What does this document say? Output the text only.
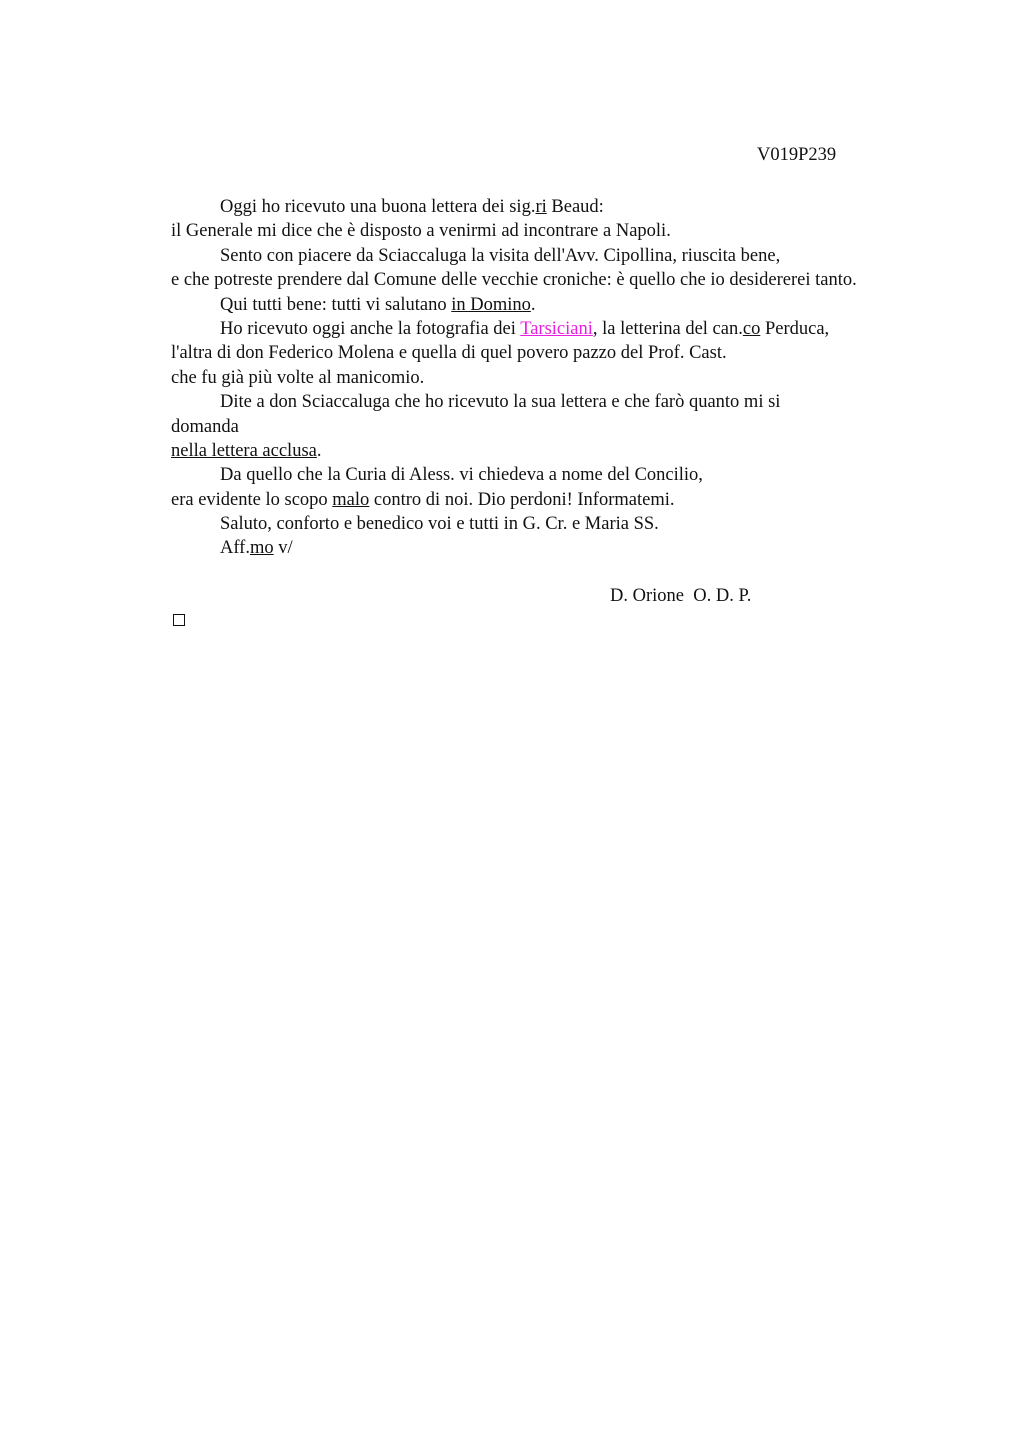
V019P239
Oggi ho ricevuto una buona lettera dei sig.ri Beaud:
il Generale mi dice che è disposto a venirmi ad incontrare a Napoli.
Sento con piacere da Sciaccaluga la visita dell'Avv. Cipollina, riuscita bene,
e che potreste prendere dal Comune delle vecchie croniche: è quello che io desidererei tanto.
Qui tutti bene: tutti vi salutano in Domino.
Ho ricevuto oggi anche la fotografia dei Tarsiciani, la letterina del can.co Perduca,
l'altra di don Federico Molena e quella di quel povero pazzo del Prof. Cast.
che fu già più volte al manicomio.
Dite a don Sciaccaluga che ho ricevuto la sua lettera e che farò quanto mi si
domanda
nella lettera acclusa.
Da quello che la Curia di Aless. vi chiedeva a nome del Concilio,
era evidente lo scopo malo contro di noi. Dio perdoni! Informatemi.
Saluto, conforto e benedico voi e tutti in G. Cr. e Maria SS.
Aff.mo v/
D. Orione  O. D. P.
